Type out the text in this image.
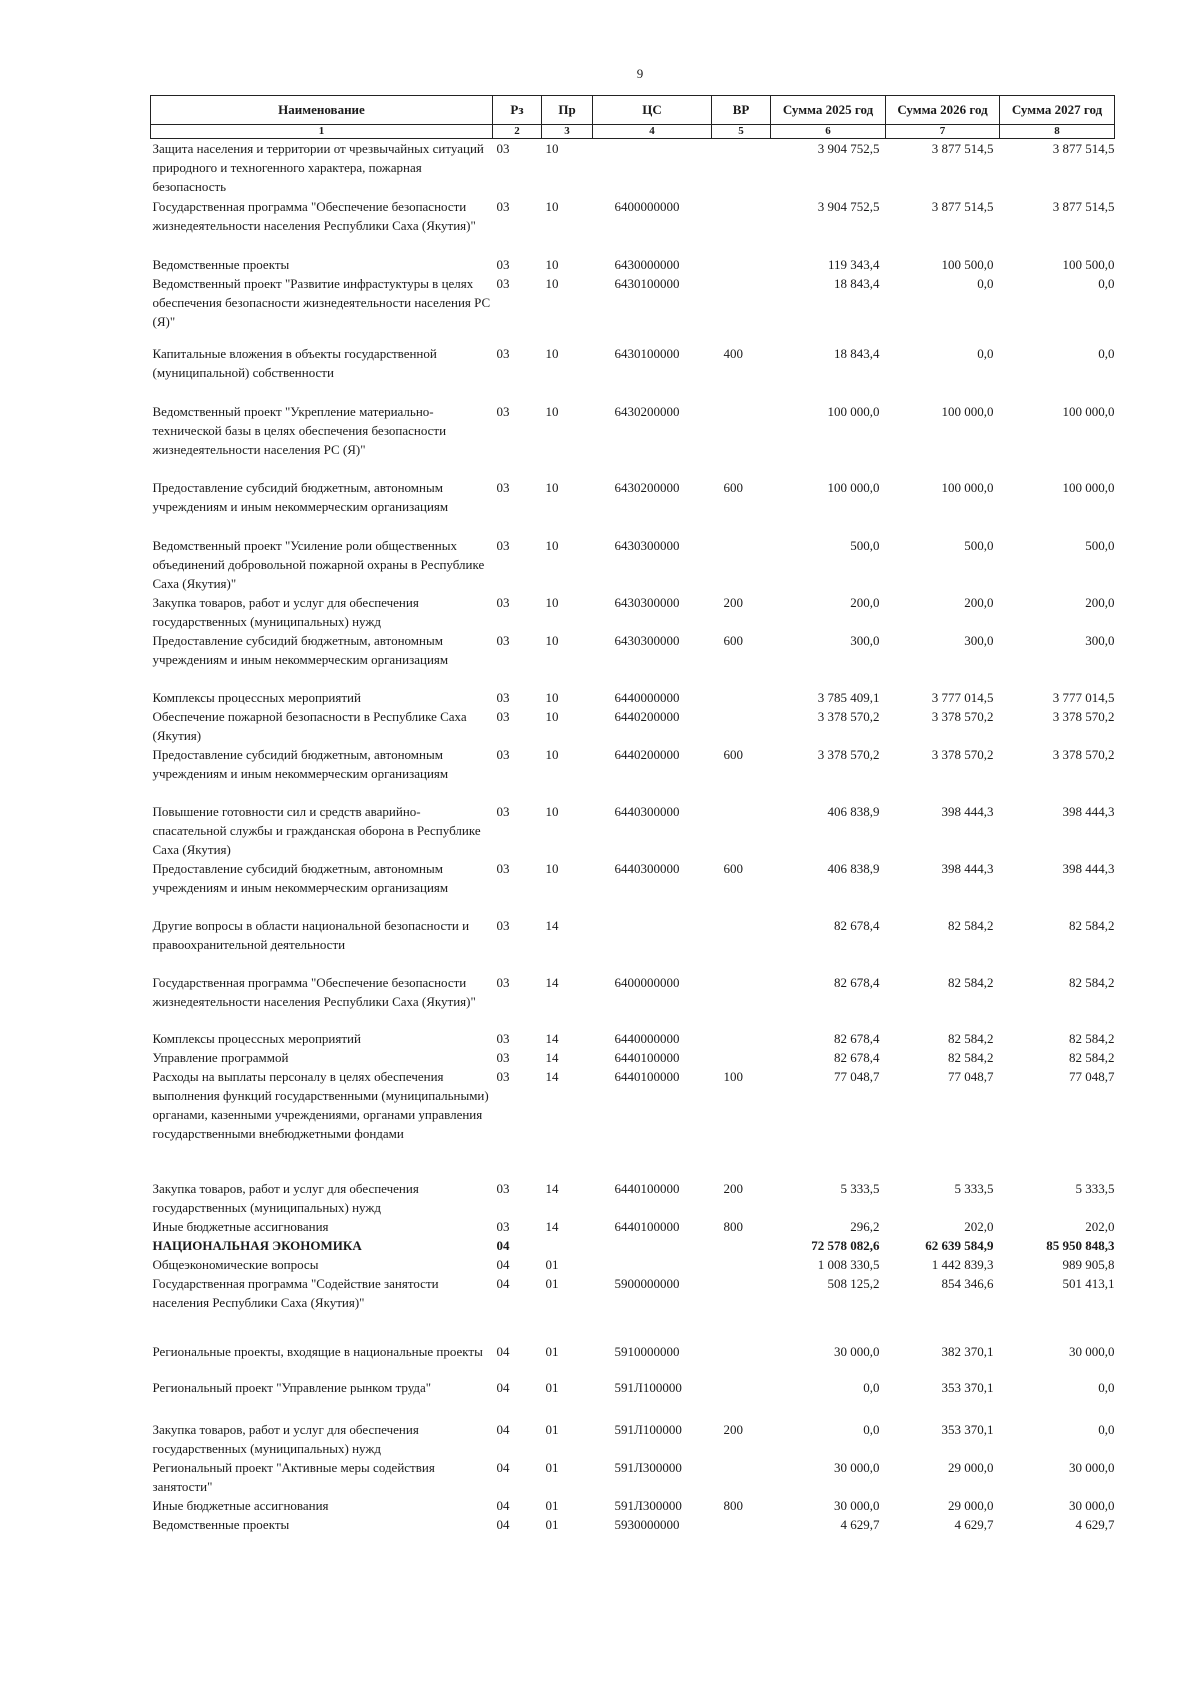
9
Наименование	Рз	Пр	ЦС	ВР	Сумма 2025 год	Сумма 2026 год	Сумма 2027 год
1	2	3	4	5	6	7	8
Защита населения и территории от чрезвычайных ситуаций природного и техногенного характера, пожарная безопасность	03	10			3 904 752,5	3 877 514,5	3 877 514,5
Государственная программа "Обеспечение безопасности жизнедеятельности населения Республики Саха (Якутия)"	03	10	6400000000		3 904 752,5	3 877 514,5	3 877 514,5
Ведомственные проекты	03	10	6430000000		119 343,4	100 500,0	100 500,0
Ведомственный проект "Развитие инфрастуктуры в целях обеспечения безопасности жизнедеятельности населения РС (Я)"	03	10	6430100000		18 843,4	0,0	0,0
Капитальные вложения в объекты государственной (муниципальной) собственности	03	10	6430100000	400	18 843,4	0,0	0,0
Ведомственный проект "Укрепление материально-технической базы в целях обеспечения безопасности жизнедеятельности населения РС (Я)"	03	10	6430200000		100 000,0	100 000,0	100 000,0
Предоставление субсидий бюджетным, автономным учреждениям и иным некоммерческим организациям	03	10	6430200000	600	100 000,0	100 000,0	100 000,0
Ведомственный проект "Усиление роли общественных объединений добровольной пожарной охраны в Республике Саха (Якутия)"	03	10	6430300000		500,0	500,0	500,0
Закупка товаров, работ и услуг для обеспечения государственных (муниципальных) нужд	03	10	6430300000	200	200,0	200,0	200,0
Предоставление субсидий бюджетным, автономным учреждениям и иным некоммерческим организациям	03	10	6430300000	600	300,0	300,0	300,0
Комплексы процессных мероприятий	03	10	6440000000		3 785 409,1	3 777 014,5	3 777 014,5
Обеспечение пожарной безопасности в Республике Саха (Якутия)	03	10	6440200000		3 378 570,2	3 378 570,2	3 378 570,2
Предоставление субсидий бюджетным, автономным учреждениям и иным некоммерческим организациям	03	10	6440200000	600	3 378 570,2	3 378 570,2	3 378 570,2
Повышение готовности сил и средств аварийно-спасательной службы и гражданская оборона в Республике Саха (Якутия)	03	10	6440300000		406 838,9	398 444,3	398 444,3
Предоставление субсидий бюджетным, автономным учреждениям и иным некоммерческим организациям	03	10	6440300000	600	406 838,9	398 444,3	398 444,3
Другие вопросы в области национальной безопасности и правоохранительной деятельности	03	14			82 678,4	82 584,2	82 584,2
Государственная программа "Обеспечение безопасности жизнедеятельности населения Республики Саха (Якутия)"	03	14	6400000000		82 678,4	82 584,2	82 584,2
Комплексы процессных мероприятий	03	14	6440000000		82 678,4	82 584,2	82 584,2
Управление программой	03	14	6440100000		82 678,4	82 584,2	82 584,2
Расходы на выплаты персоналу в целях обеспечения выполнения функций государственными (муниципальными) органами, казенными учреждениями, органами управления государственными внебюджетными фондами	03	14	6440100000	100	77 048,7	77 048,7	77 048,7
Закупка товаров, работ и услуг для обеспечения государственных (муниципальных) нужд	03	14	6440100000	200	5 333,5	5 333,5	5 333,5
Иные бюджетные ассигнования	03	14	6440100000	800	296,2	202,0	202,0
НАЦИОНАЛЬНАЯ ЭКОНОМИКА	04				72 578 082,6	62 639 584,9	85 950 848,3
Общеэкономические вопросы	04	01			1 008 330,5	1 442 839,3	989 905,8
Государственная программа "Содействие занятости населения Республики Саха (Якутия)"	04	01	5900000000		508 125,2	854 346,6	501 413,1
Региональные проекты, входящие в национальные проекты	04	01	5910000000		30 000,0	382 370,1	30 000,0
Региональный проект "Управление рынком труда"	04	01	591Л100000		0,0	353 370,1	0,0
Закупка товаров, работ и услуг для обеспечения государственных (муниципальных) нужд	04	01	591Л100000	200	0,0	353 370,1	0,0
Региональный проект "Активные меры содействия занятости"	04	01	591Л300000		30 000,0	29 000,0	30 000,0
Иные бюджетные ассигнования	04	01	591Л300000	800	30 000,0	29 000,0	30 000,0
Ведомственные проекты	04	01	5930000000		4 629,7	4 629,7	4 629,7
